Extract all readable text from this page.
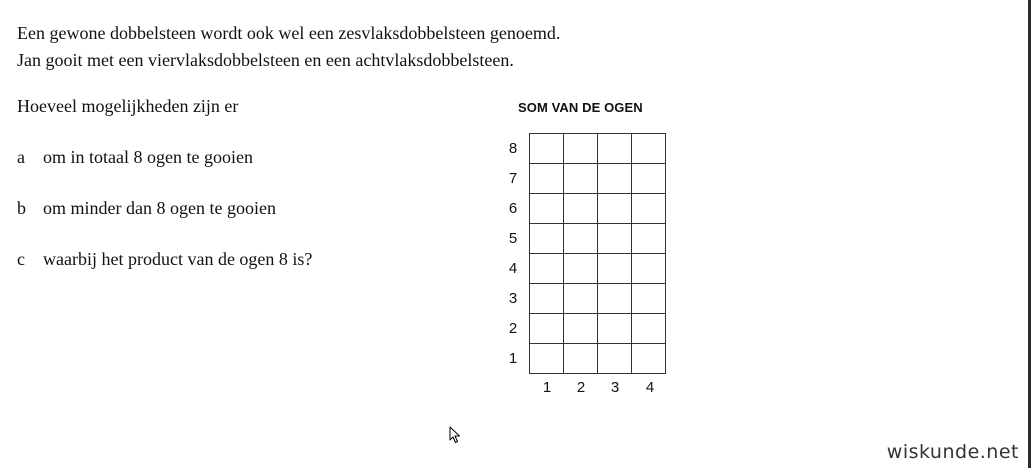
Een gewone dobbelsteen wordt ook wel een zesvlaksdobbelsteen genoemd.
Jan gooit met een viervlaksdobbelsteen en een achtvlaksdobbelsteen.
Hoeveel mogelijkheden zijn er
a om in totaal 8 ogen te gooien
b om minder dan 8 ogen te gooien
c waarbij het product van de ogen 8 is?
SOM VAN DE OGEN

8
7
6
5
4
3
2
1
1	2	3	4
wiskunde.net
